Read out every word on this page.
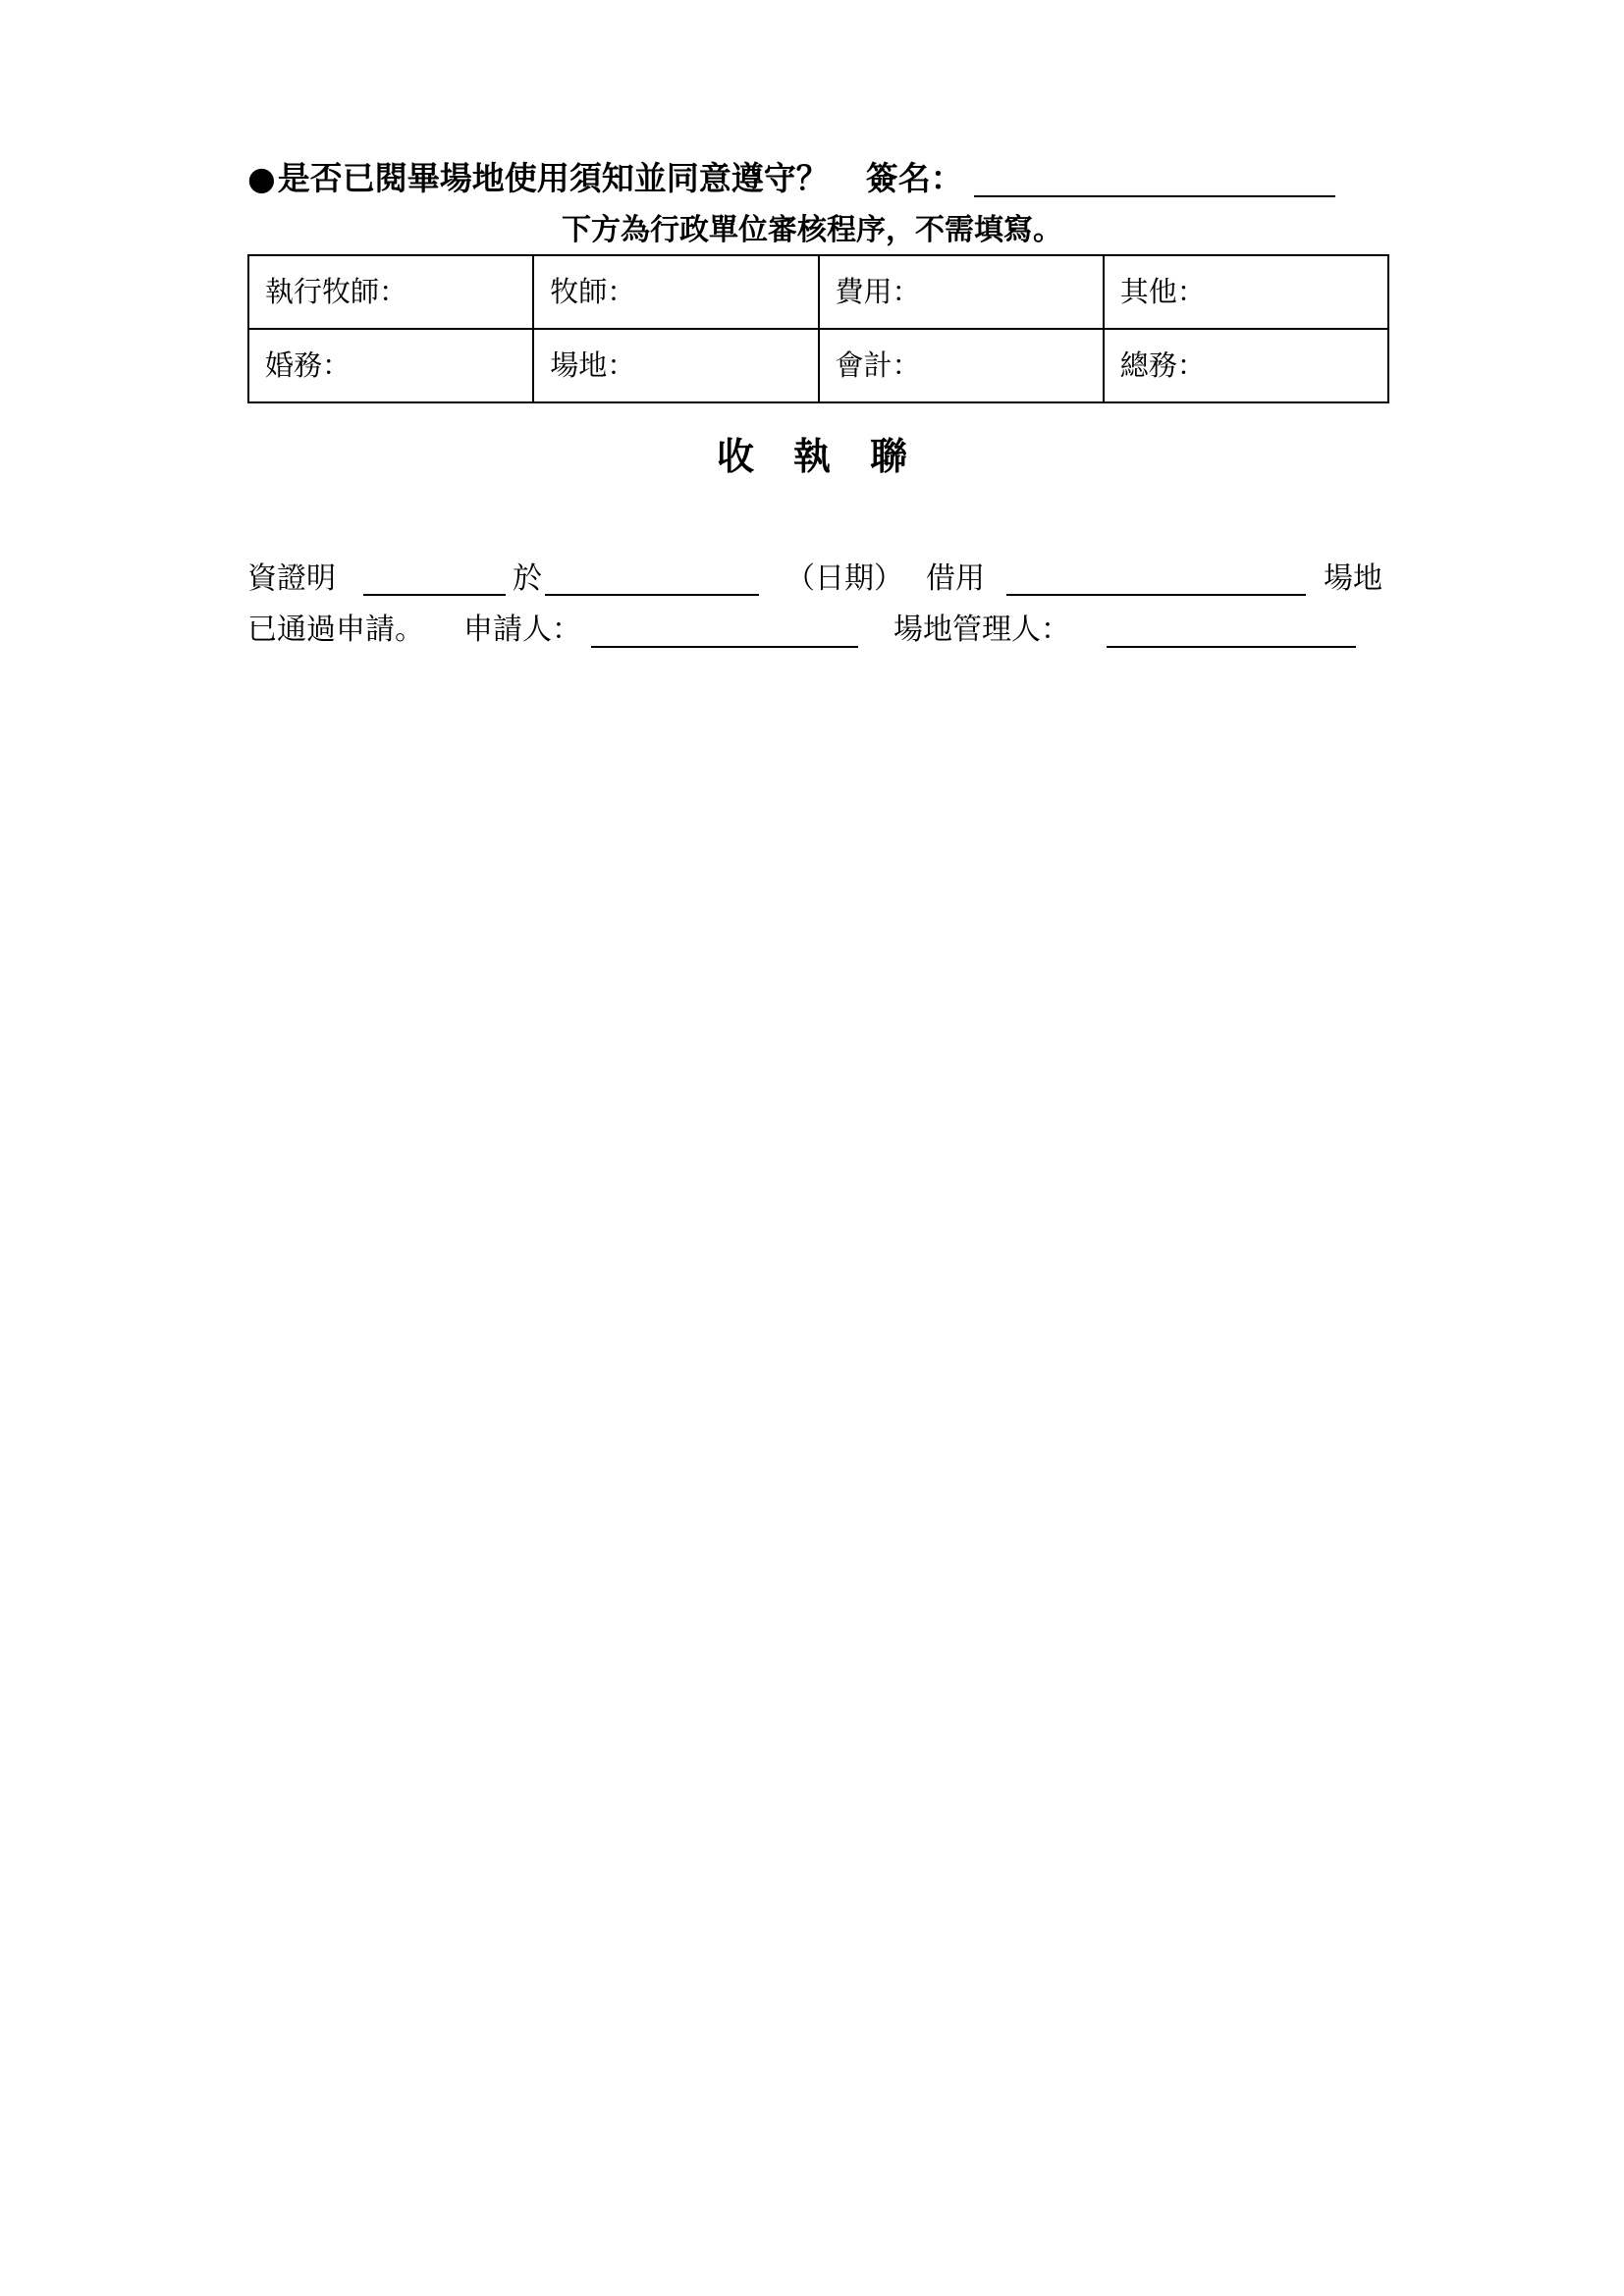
●是否已閱畢場地使用須知並同意遵守？ 簽名：
下方為行政單位審核程序，不需填寫。
執行牧師：	牧師：	費用：	其他：
婚務：	場地：	會計：	總務：
收執聯
資證明	於	（日期） 借用	場地
已通過申請。 申請人：	場地管理人：
